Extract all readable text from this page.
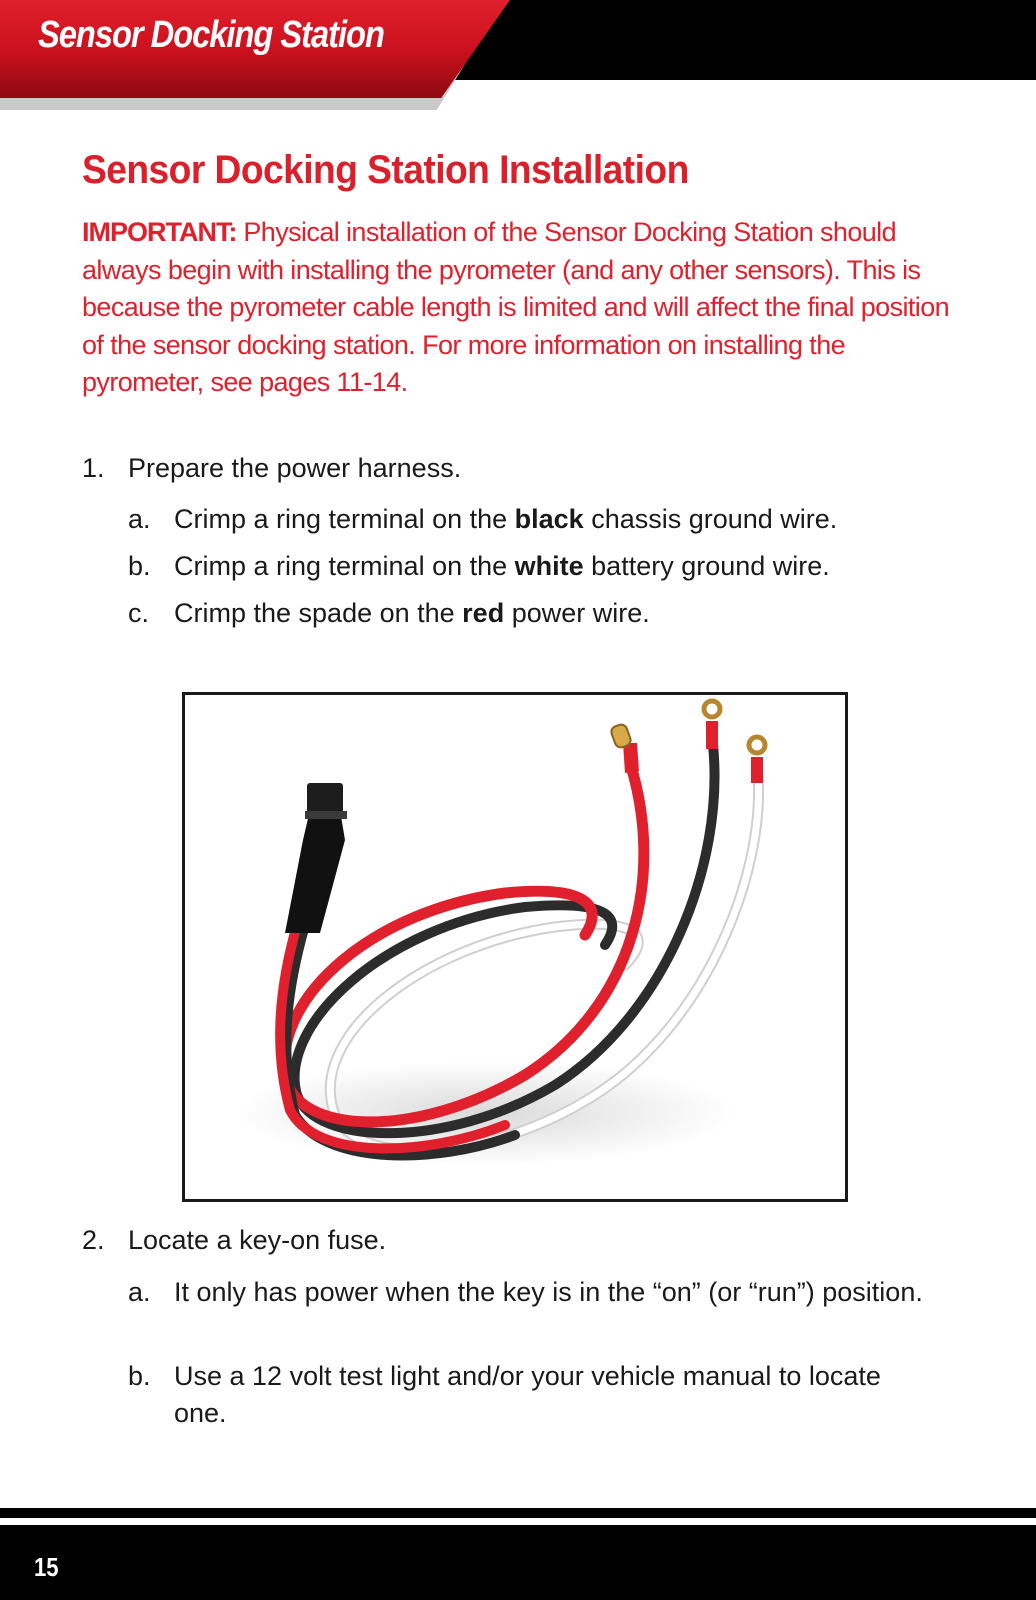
Sensor Docking Station
Sensor Docking Station Installation
IMPORTANT: Physical installation of the Sensor Docking Station should always begin with installing the pyrometer (and any other sensors). This is because the pyrometer cable length is limited and will affect the final position of the sensor docking station. For more information on installing the pyrometer, see pages 11-14.
1. Prepare the power harness.
a. Crimp a ring terminal on the black chassis ground wire.
b. Crimp a ring terminal on the white battery ground wire.
c. Crimp the spade on the red power wire.
2. Locate a key-on fuse.
a. It only has power when the key is in the “on” (or “run”) position.
b. Use a 12 volt test light and/or your vehicle manual to locate one.
15
